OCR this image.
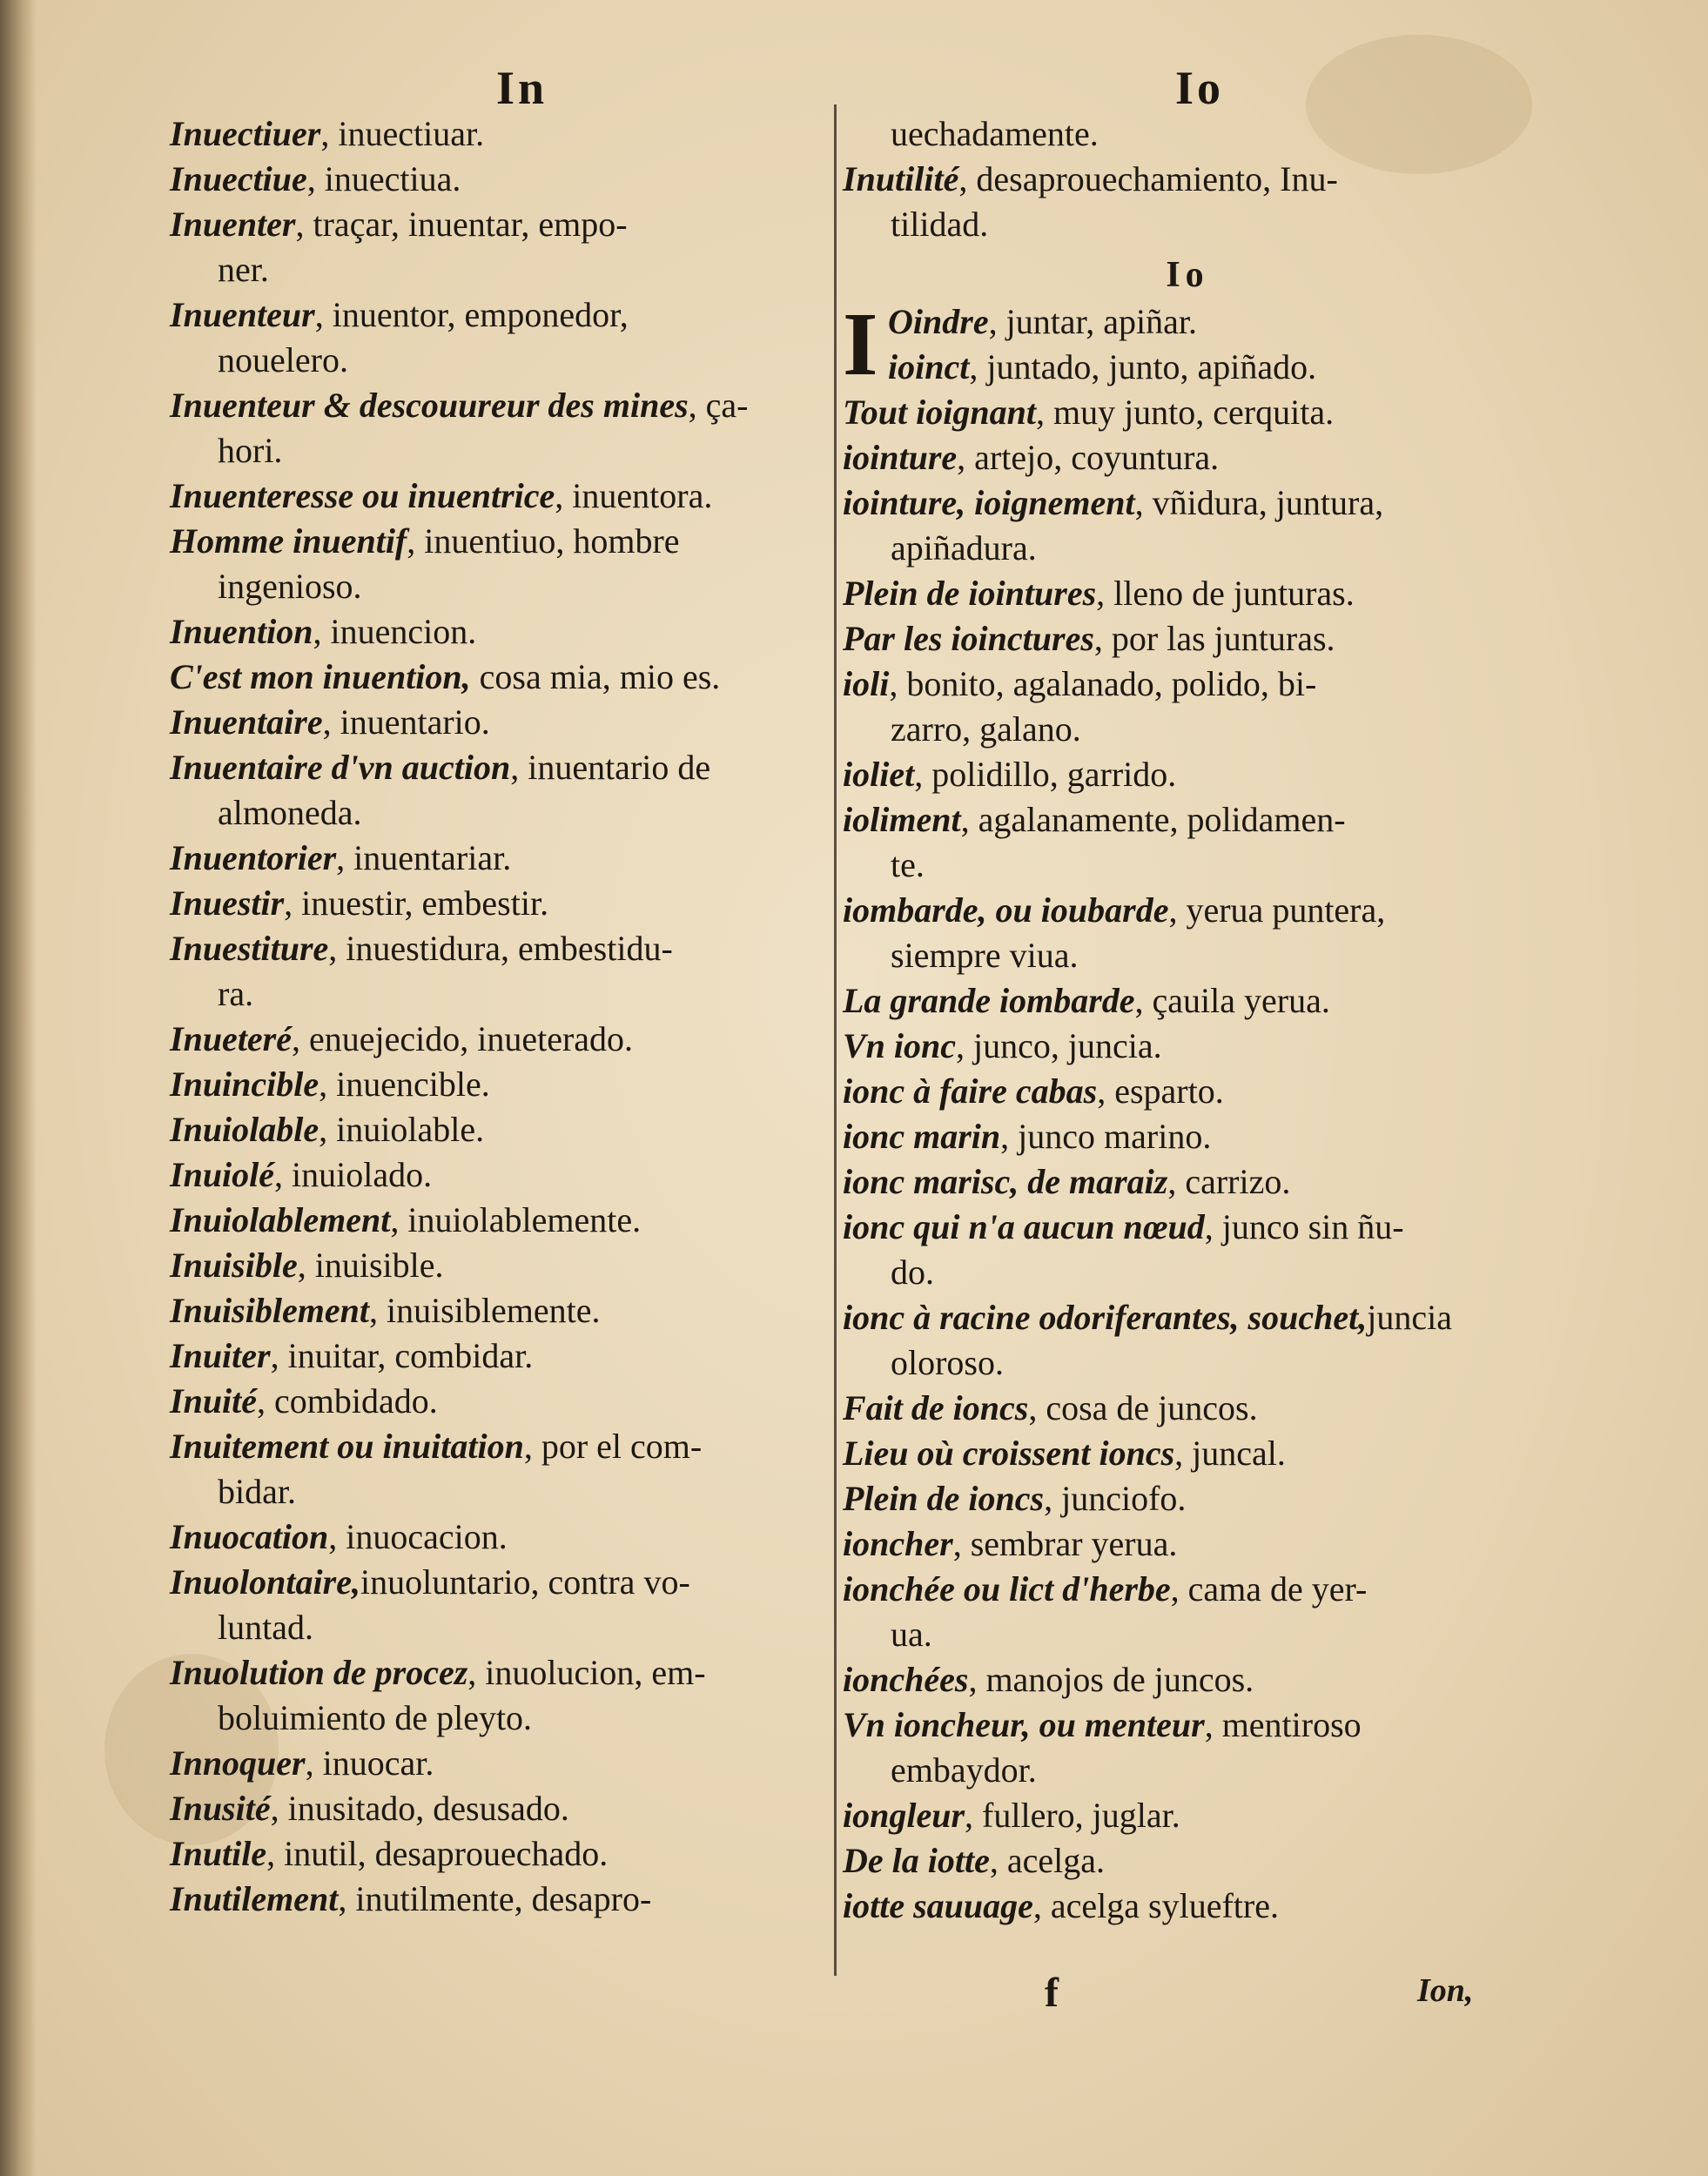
In	Io
Inuectiuer, inuectiuar.
Inuectiue, inuectiua.
Inuenter, traçar, inuentar, empo-
ner.
Inuenteur, inuentor, emponedor,
nouelero.
Inuenteur & descouureur des mines, ça-
hori.
Inuenteresse ou inuentrice, inuentora.
Homme inuentif, inuentiuo, hombre
ingenioso.
Inuention, inuencion.
C'est mon inuention, cosa mia, mio es.
Inuentaire, inuentario.
Inuentaire d'vn auction, inuentario de
almoneda.
Inuentorier, inuentariar.
Inuestir, inuestir, embestir.
Inuestiture, inuestidura, embestidu-
ra.
Inueteré, enuejecido, inueterado.
Inuincible, inuencible.
Inuiolable, inuiolable.
Inuiolé, inuiolado.
Inuiolablement, inuiolablemente.
Inuisible, inuisible.
Inuisiblement, inuisiblemente.
Inuiter, inuitar, combidar.
Inuité, combidado.
Inuitement ou inuitation, por el com-
bidar.
Inuocation, inuocacion.
Inuolontaire,inuoluntario, contra vo-
luntad.
Inuolution de procez, inuolucion, em-
boluimiento de pleyto.
Innoquer, inuocar.
Inusité, inusitado, desusado.
Inutile, inutil, desaprouechado.
Inutilement, inutilmente, desapro-
uechadamente.
Inutilité, desaprouechamiento, Inu-
tilidad.
Io
I Oindre, juntar, apiñar.
ioinct, juntado, junto, apiñado.
Tout ioignant, muy junto, cerquita.
iointure, artejo, coyuntura.
iointure, ioignement, vñidura, juntura,
apiñadura.
Plein de iointures, lleno de junturas.
Par les ioinctures, por las junturas.
ioli, bonito, agalanado, polido, bi-
zarro, galano.
ioliet, polidillo, garrido.
ioliment, agalanamente, polidamen-
te.
iombarde, ou ioubarde, yerua puntera,
siempre viua.
La grande iombarde, çauila yerua.
Vn ionc, junco, juncia.
ionc à faire cabas, esparto.
ionc marin, junco marino.
ionc marisc, de maraiz, carrizo.
ionc qui n'a aucun nœud, junco sin ñu-
do.
ionc à racine odoriferantes, souchet,juncia
oloroso.
Fait de ioncs, cosa de juncos.
Lieu où croissent ioncs, juncal.
Plein de ioncs, junciofo.
ioncher, sembrar yerua.
ionchée ou lict d'herbe, cama de yer-
ua.
ionchées, manojos de juncos.
Vn ioncheur, ou menteur, mentiroso
embaydor.
iongleur, fullero, juglar.
De la iotte, acelga.
iotte sauuage, acelga sylueftre.
f	Ion,
